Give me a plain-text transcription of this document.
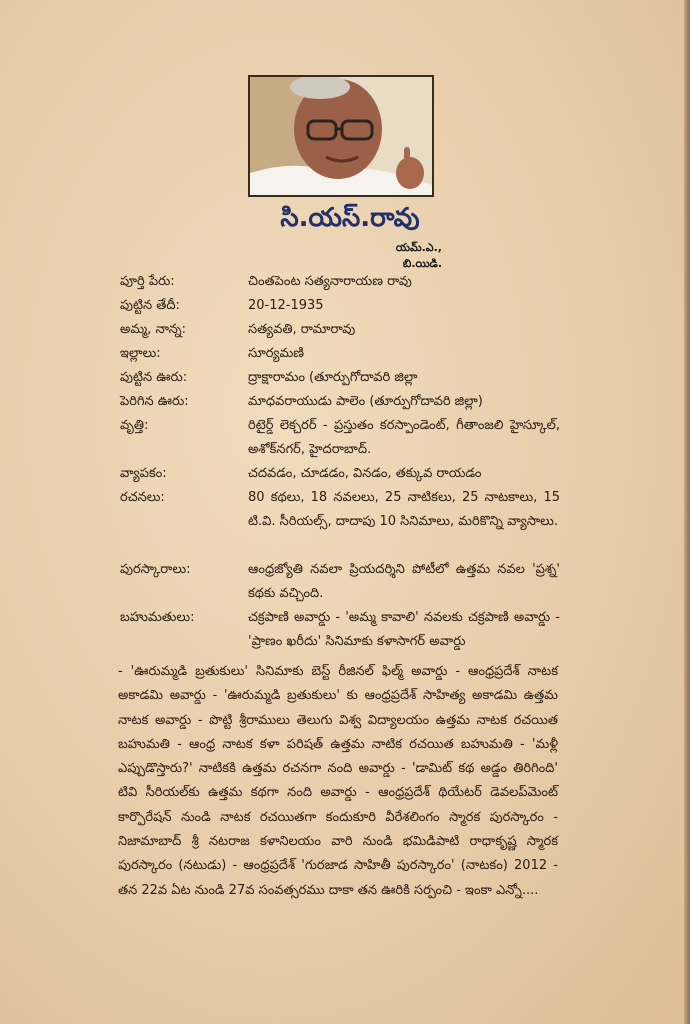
సి.యస్.రావు
యమ్.ఎ., బి.యిడి.
పూర్తి పేరు:	చింతపెంట సత్యనారాయణ రావు
పుట్టిన తేదీ:	20-12-1935
అమ్మ, నాన్న:	సత్యవతి, రామారావు
ఇల్లాలు:	సూర్యమణి
పుట్టిన ఊరు:	ద్రాక్షారామం (తూర్పుగోదావరి జిల్లా
పెరిగిన ఊరు:	మాధవరాయుడు పాలెం (తూర్పుగోదావరి జిల్లా)
వృత్తి:	రిటైర్డ్ లెక్చరర్ - ప్రస్తుతం కరస్పాండెంట్, గీతాంజలి హైస్కూల్, అశోక్‌నగర్, హైదరాబాద్.
వ్యాపకం:	చదవడం, చూడడం, వినడం, తక్కువ రాయడం
రచనలు:	80 కథలు, 18 నవలలు, 25 నాటికలు, 25 నాటకాలు, 15 టి.వి. సీరియల్స్, దాదాపు 10 సినిమాలు, మరికొన్ని వ్యాసాలు.
పురస్కారాలు:	ఆంధ్రజ్యోతి నవలా ప్రియదర్శిని పోటీలో ఉత్తమ నవల 'ప్రశ్న' కథకు వచ్చింది.
బహుమతులు:	చక్రపాణి అవార్డు - 'అమ్మ కావాలి' నవలకు చక్రపాణి అవార్డు - 'ప్రాణం ఖరీదు' సినిమాకు కళాసాగర్ అవార్డు
- 'ఊరుమ్మడి బ్రతుకులు' సినిమాకు బెస్ట్ రీజినల్ ఫిల్మ్ అవార్డు - ఆంధ్రప్రదేశ్ నాటక అకాడమి అవార్డు - 'ఊరుమ్మడి బ్రతుకులు' కు ఆంధ్రప్రదేశ్ సాహిత్య అకాడమి ఉత్తమ నాటక అవార్డు - పొట్టి శ్రీరాములు తెలుగు విశ్వ విద్యాలయం ఉత్తమ నాటక రచయిత బహుమతి - ఆంధ్ర నాటక కళా పరిషత్ ఉత్తమ నాటిక రచయిత బహుమతి - 'మళ్లీ ఎప్పుడొస్తారు?' నాటికకి ఉత్తమ రచనగా నంది అవార్డు - 'డామిట్ కథ అడ్డం తిరిగింది' టివి సీరియల్‌కు ఉత్తమ కథగా నంది అవార్డు - ఆంధ్రప్రదేశ్ థియేటర్ డెవలప్‌మెంట్ కార్పొరేషన్ నుండి నాటక రచయితగా కందుకూరి వీరేశలింగం స్మారక పురస్కారం - నిజామాబాద్ శ్రీ నటరాజ కళానిలయం వారి నుండి భమిడిపాటి రాధాకృష్ణ స్మారక పురస్కారం (నటుడు) - ఆంధ్రప్రదేశ్ 'గురజాడ సాహితీ పురస్కారం' (నాటకం) 2012 - తన 22వ ఏట నుండి 27వ సంవత్సరము దాకా తన ఊరికి సర్పంచి - ఇంకా ఎన్నో....
